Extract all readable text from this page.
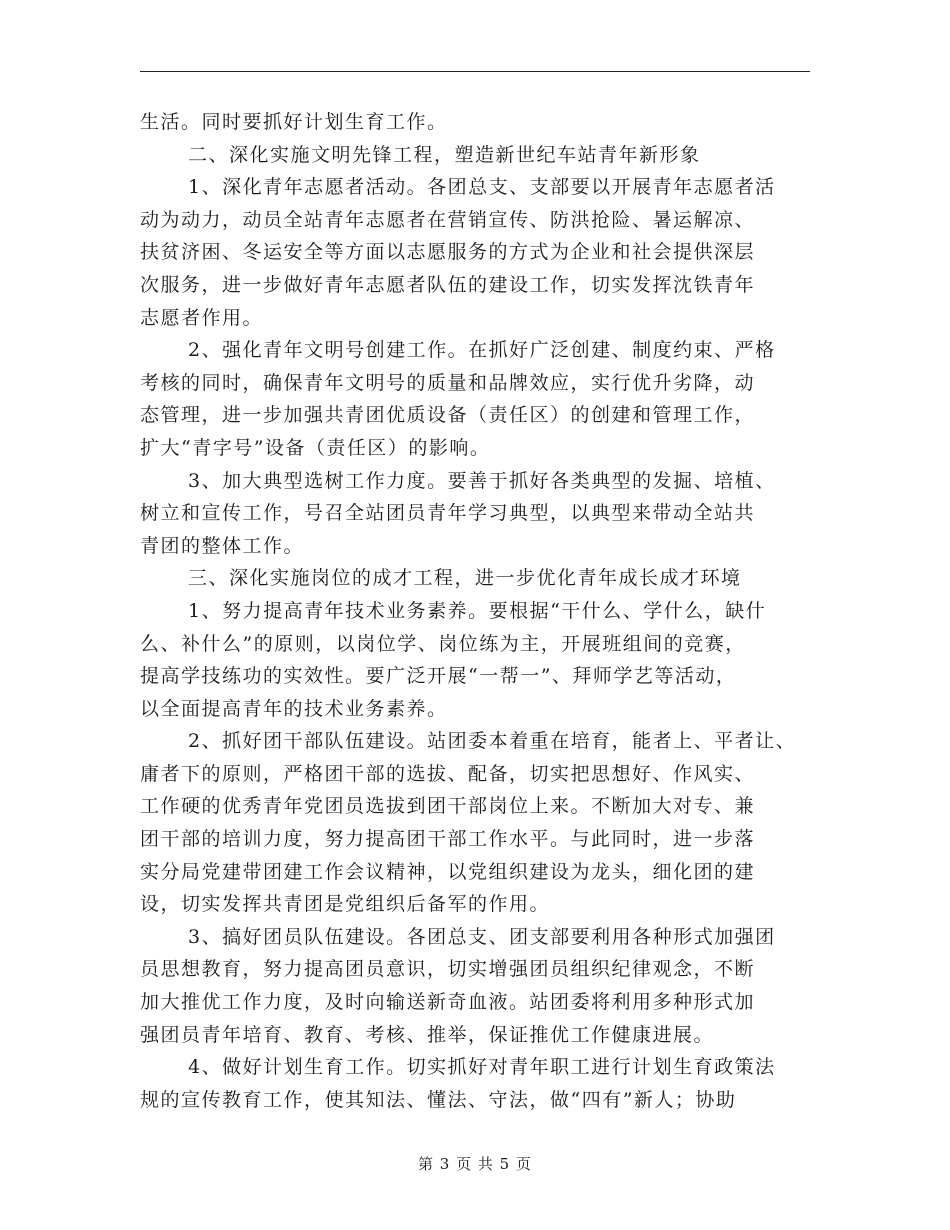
生活。同时要抓好计划生育工作。
二、深化实施文明先锋工程，塑造新世纪车站青年新形象
1、深化青年志愿者活动。各团总支、支部要以开展青年志愿者活
动为动力，动员全站青年志愿者在营销宣传、防洪抢险、暑运解凉、
扶贫济困、冬运安全等方面以志愿服务的方式为企业和社会提供深层
次服务，进一步做好青年志愿者队伍的建设工作，切实发挥沈铁青年
志愿者作用。
2、强化青年文明号创建工作。在抓好广泛创建、制度约束、严格
考核的同时，确保青年文明号的质量和品牌效应，实行优升劣降，动
态管理，进一步加强共青团优质设备（责任区）的创建和管理工作，
扩大“青字号”设备（责任区）的影响。
3、加大典型选树工作力度。要善于抓好各类典型的发掘、培植、
树立和宣传工作，号召全站团员青年学习典型，以典型来带动全站共
青团的整体工作。
三、深化实施岗位的成才工程，进一步优化青年成长成才环境
1、努力提高青年技术业务素养。要根据“干什么、学什么，缺什
么、补什么”的原则，以岗位学、岗位练为主，开展班组间的竞赛，
提高学技练功的实效性。要广泛开展“一帮一”、拜师学艺等活动，
以全面提高青年的技术业务素养。
2、抓好团干部队伍建设。站团委本着重在培育，能者上、平者让、
庸者下的原则，严格团干部的选拔、配备，切实把思想好、作风实、
工作硬的优秀青年党团员选拔到团干部岗位上来。不断加大对专、兼
团干部的培训力度，努力提高团干部工作水平。与此同时，进一步落
实分局党建带团建工作会议精神，以党组织建设为龙头，细化团的建
设，切实发挥共青团是党组织后备军的作用。
3、搞好团员队伍建设。各团总支、团支部要利用各种形式加强团
员思想教育，努力提高团员意识，切实增强团员组织纪律观念，不断
加大推优工作力度，及时向输送新奇血液。站团委将利用多种形式加
强团员青年培育、教育、考核、推举，保证推优工作健康进展。
4、做好计划生育工作。切实抓好对青年职工进行计划生育政策法
规的宣传教育工作，使其知法、懂法、守法，做“四有”新人；协助
第 3 页 共 5 页
